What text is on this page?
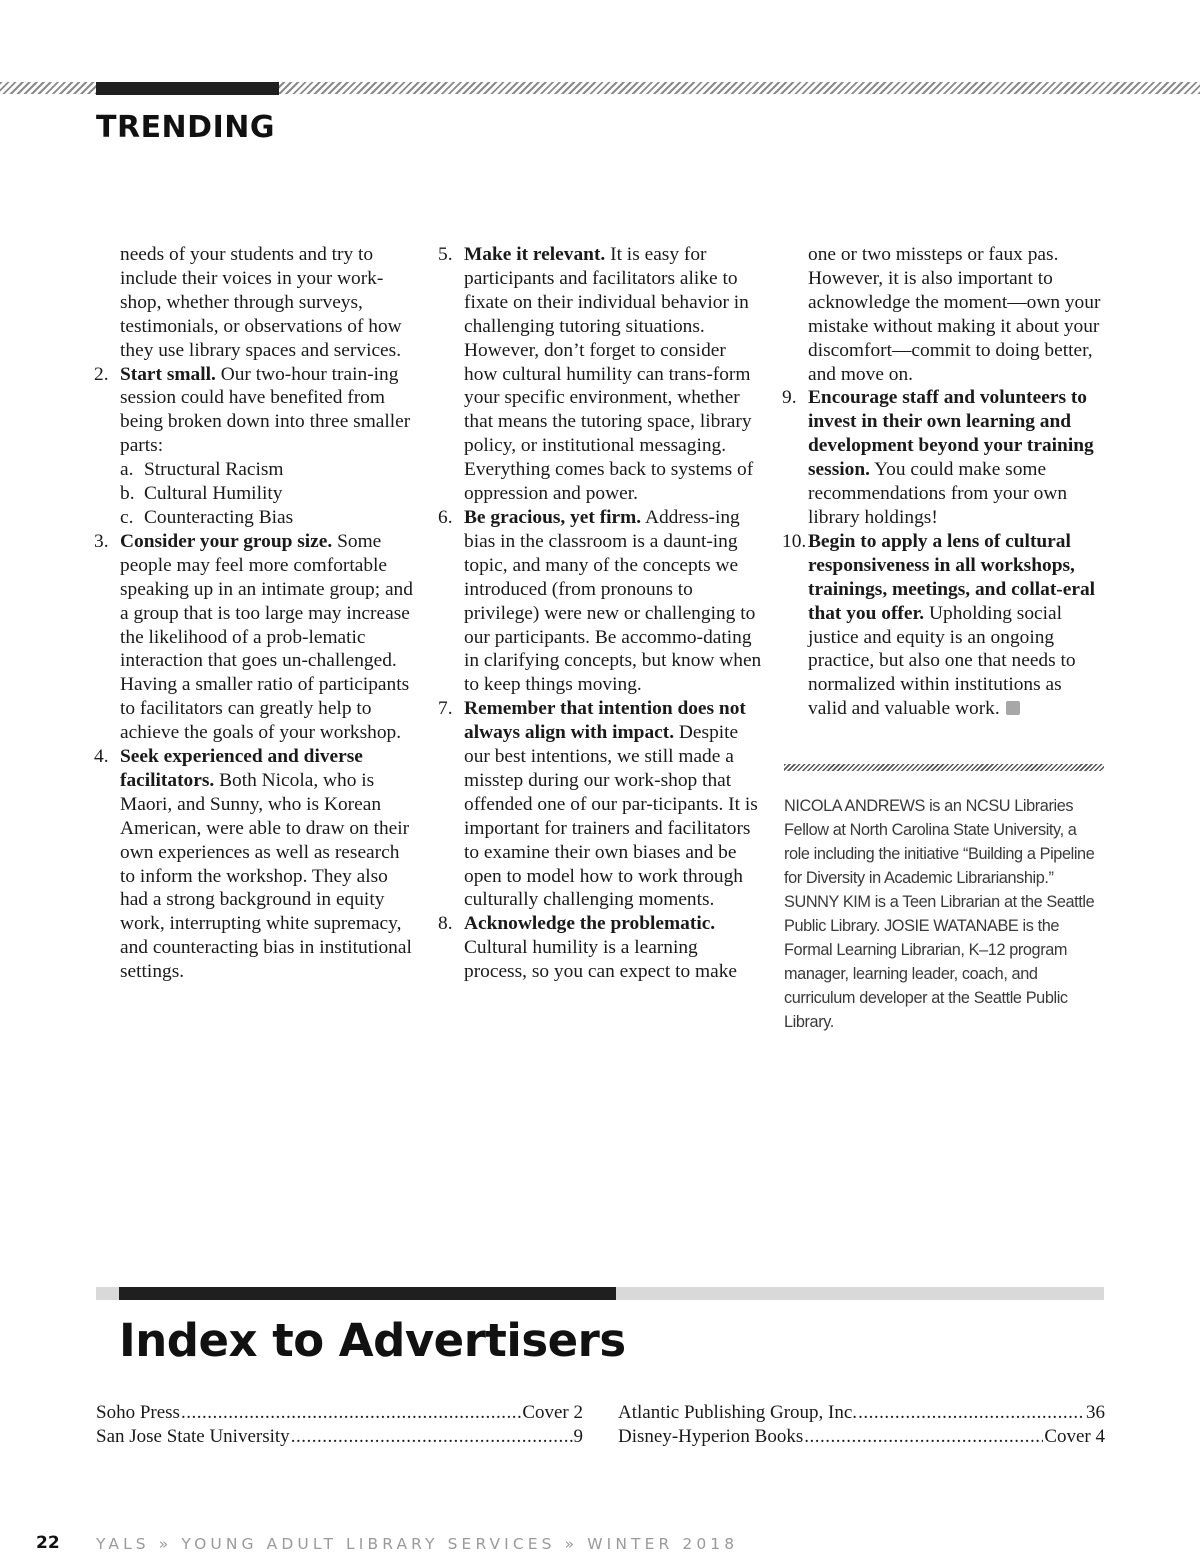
TRENDING
needs of your students and try to include their voices in your work-shop, whether through surveys, testimonials, or observations of how they use library spaces and services.
2. Start small. Our two-hour train-ing session could have benefited from being broken down into three smaller parts:
a. Structural Racism
b. Cultural Humility
c. Counteracting Bias
3. Consider your group size. Some people may feel more comfortable speaking up in an intimate group; and a group that is too large may increase the likelihood of a prob-lematic interaction that goes un-challenged. Having a smaller ratio of participants to facilitators can greatly help to achieve the goals of your workshop.
4. Seek experienced and diverse facilitators. Both Nicola, who is Maori, and Sunny, who is Korean American, were able to draw on their own experiences as well as research to inform the workshop. They also had a strong background in equity work, interrupting white supremacy, and counteracting bias in institutional settings.
5. Make it relevant. It is easy for participants and facilitators alike to fixate on their individual behavior in challenging tutoring situations. However, don’t forget to consider how cultural humility can trans-form your specific environment, whether that means the tutoring space, library policy, or institutional messaging. Everything comes back to systems of oppression and power.
6. Be gracious, yet firm. Address-ing bias in the classroom is a daunt-ing topic, and many of the concepts we introduced (from pronouns to privilege) were new or challenging to our participants. Be accommo-dating in clarifying concepts, but know when to keep things moving.
7. Remember that intention does not always align with impact. Despite our best intentions, we still made a misstep during our work-shop that offended one of our par-ticipants. It is important for trainers and facilitators to examine their own biases and be open to model how to work through culturally challenging moments.
8. Acknowledge the problematic. Cultural humility is a learning process, so you can expect to make
one or two missteps or faux pas. However, it is also important to acknowledge the moment—own your mistake without making it about your discomfort—commit to doing better, and move on.
9. Encourage staff and volunteers to invest in their own learning and development beyond your training session. You could make some recommendations from your own library holdings!
10. Begin to apply a lens of cultural responsiveness in all workshops, trainings, meetings, and collat-eral that you offer. Upholding social justice and equity is an ongoing practice, but also one that needs to normalized within institutions as valid and valuable work.

NICOLA ANDREWS is an NCSU Libraries Fellow at North Carolina State University, a role including the initiative “Building a Pipeline for Diversity in Academic Librarianship.” SUNNY KIM is a Teen Librarian at the Seattle Public Library. JOSIE WATANABE is the Formal Learning Librarian, K–12 program manager, learning leader, coach, and curriculum developer at the Seattle Public Library.

Index to Advertisers
Soho Press .....	Cover 2
San Jose State University .....	9
Atlantic Publishing Group, Inc. .....	36
Disney-Hyperion Books .....	Cover 4
22 YALS » YOUNG ADULT LIBRARY SERVICES » WINTER 2018
